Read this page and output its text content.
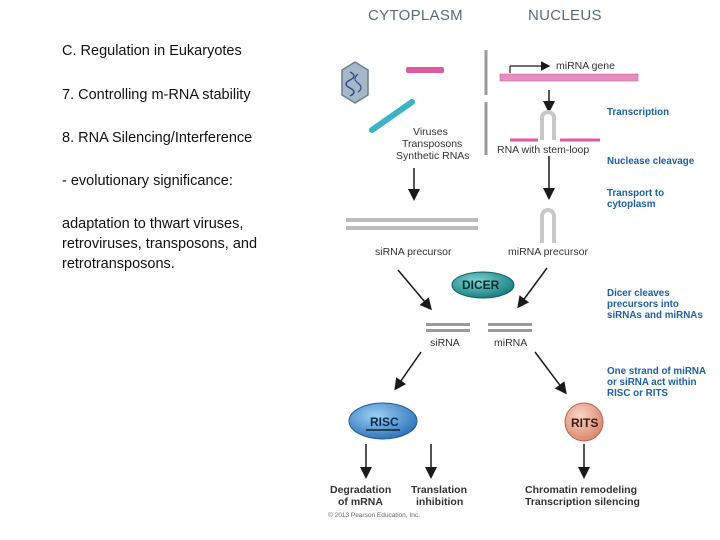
C. Regulation in Eukaryotes
7. Controlling m-RNA stability
8. RNA Silencing/Interference
- evolutionary significance:
adaptation to thwart viruses,
retroviruses, transposons, and
retrotransposons.
CYTOPLASM	NUCLEUS
miRNA gene
Transcription
Viruses
Transposons
Synthetic RNAs	RNA with stem-loop
Nuclease cleavage
Transport to
cytoplasm
siRNA precursor	miRNA precursor
DICER
Dicer cleaves
precursors into
siRNAs and miRNAs
siRNA	miRNA
One strand of miRNA
or siRNA act within
RISC or RITS
RISC	RITS
Degradation
of mRNA
Translation
inhibition
Chromatin remodeling
Transcription silencing
© 2013 Pearson Education, Inc.
